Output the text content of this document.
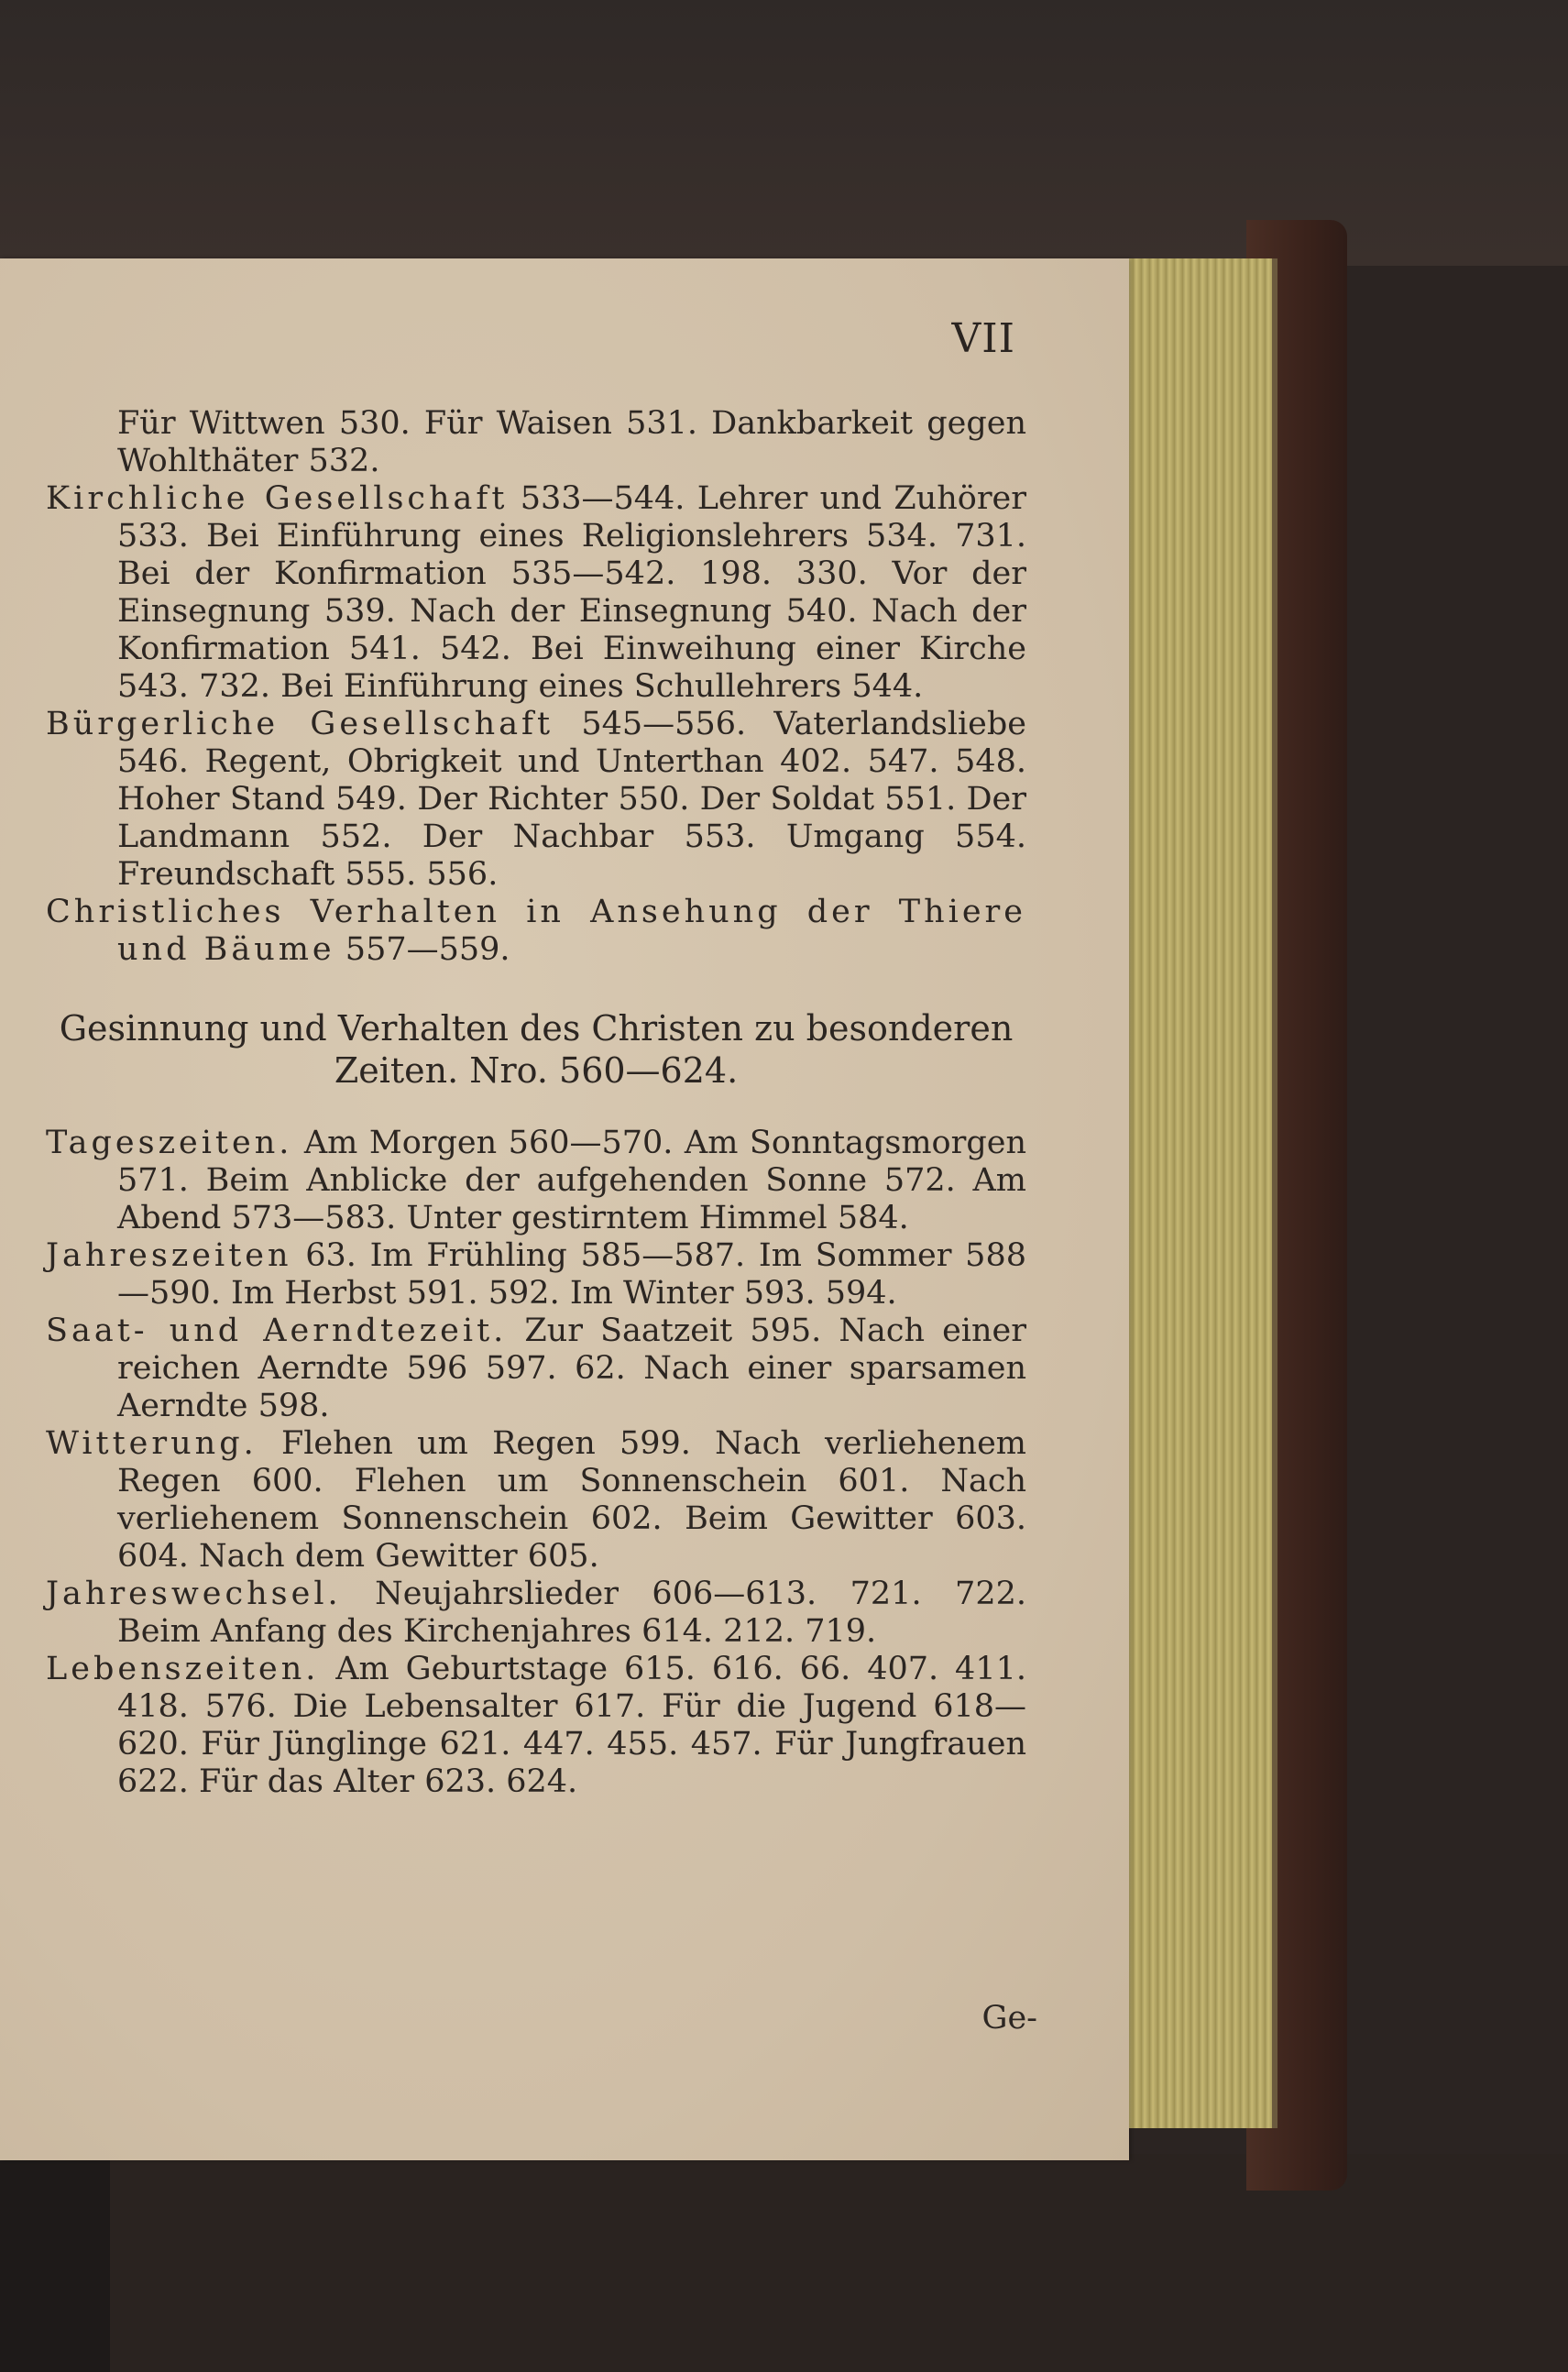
VII

Für Wittwen 530. Für Waisen 531. Dankbarkeit gegen Wohlthäter 532.

Kirchliche Gesellschaft 533—544. Lehrer und Zuhörer 533. Bei Einführung eines Religionslehrers 534. 731. Bei der Konfirmation 535—542. 198. 330. Vor der Einsegnung 539. Nach der Einsegnung 540. Nach der Konfirmation 541. 542. Bei Einweihung einer Kirche 543. 732. Bei Einführung eines Schullehrers 544.

Bürgerliche Gesellschaft 545—556. Vaterlandsliebe 546. Regent, Obrigkeit und Unterthan 402. 547. 548. Hoher Stand 549. Der Richter 550. Der Soldat 551. Der Landmann 552. Der Nachbar 553. Umgang 554. Freundschaft 555. 556.

Christliches Verhalten in Ansehung der Thiere und Bäume 557—559.

Gesinnung und Verhalten des Christen zu besonderen Zeiten. Nro. 560—624.

Tageszeiten. Am Morgen 560—570. Am Sonntagsmorgen 571. Beim Anblicke der aufgehenden Sonne 572. Am Abend 573—583. Unter gestirntem Himmel 584.

Jahreszeiten 63. Im Frühling 585—587. Im Sommer 588—590. Im Herbst 591. 592. Im Winter 593. 594.

Saat- und Aerndtezeit. Zur Saatzeit 595. Nach einer reichen Aerndte 596 597. 62. Nach einer sparsamen Aerndte 598.

Witterung. Flehen um Regen 599. Nach verliehenem Regen 600. Flehen um Sonnenschein 601. Nach verliehenem Sonnenschein 602. Beim Gewitter 603. 604. Nach dem Gewitter 605.

Jahreswechsel. Neujahrslieder 606—613. 721. 722. Beim Anfang des Kirchenjahres 614. 212. 719.

Lebenszeiten. Am Geburtstage 615. 616. 66. 407. 411. 418. 576. Die Lebensalter 617. Für die Jugend 618—620. Für Jünglinge 621. 447. 455. 457. Für Jungfrauen 622. Für das Alter 623. 624.

Ge-
